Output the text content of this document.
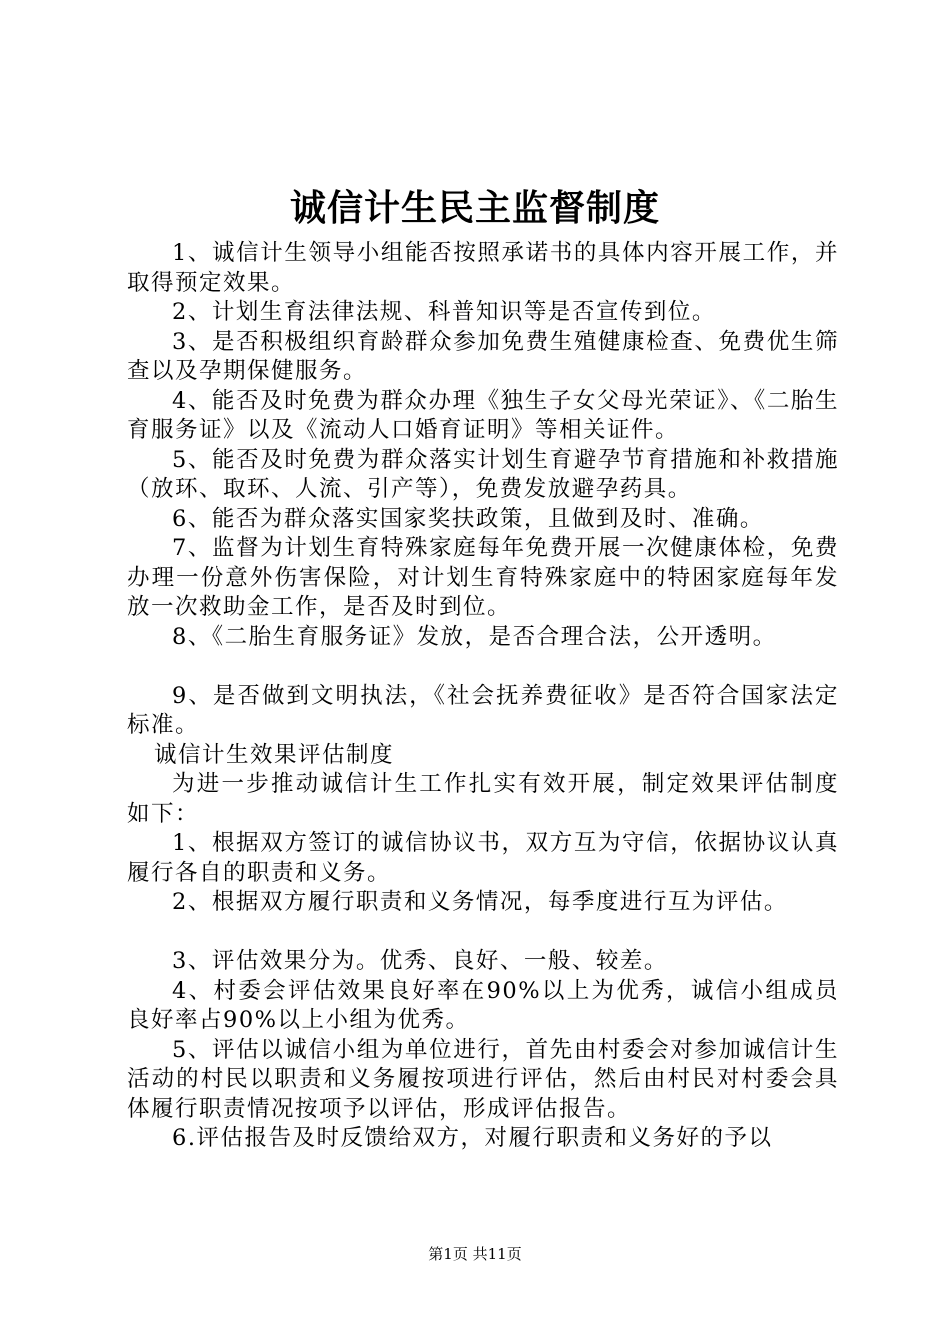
诚信计生民主监督制度

1、诚信计生领导小组能否按照承诺书的具体内容开展工作，并取得预定效果。

2、计划生育法律法规、科普知识等是否宣传到位。

3、是否积极组织育龄群众参加免费生殖健康检查、免费优生筛查以及孕期保健服务。

4、能否及时免费为群众办理《独生子女父母光荣证》、《二胎生育服务证》以及《流动人口婚育证明》等相关证件。

5、能否及时免费为群众落实计划生育避孕节育措施和补救措施（放环、取环、人流、引产等），免费发放避孕药具。

6、能否为群众落实国家奖扶政策，且做到及时、准确。

7、监督为计划生育特殊家庭每年免费开展一次健康体检，免费办理一份意外伤害保险，对计划生育特殊家庭中的特困家庭每年发放一次救助金工作，是否及时到位。

8、《二胎生育服务证》发放，是否合理合法，公开透明。

9、是否做到文明执法，《社会抚养费征收》是否符合国家法定标准。

诚信计生效果评估制度

为进一步推动诚信计生工作扎实有效开展，制定效果评估制度如下：

1、根据双方签订的诚信协议书，双方互为守信，依据协议认真履行各自的职责和义务。

2、根据双方履行职责和义务情况，每季度进行互为评估。

3、评估效果分为。优秀、良好、一般、较差。

4、村委会评估效果良好率在90%以上为优秀，诚信小组成员良好率占90%以上小组为优秀。

5、评估以诚信小组为单位进行，首先由村委会对参加诚信计生活动的村民以职责和义务履按项进行评估，然后由村民对村委会具体履行职责情况按项予以评估，形成评估报告。

6.评估报告及时反馈给双方，对履行职责和义务好的予以

第1页 共11页
